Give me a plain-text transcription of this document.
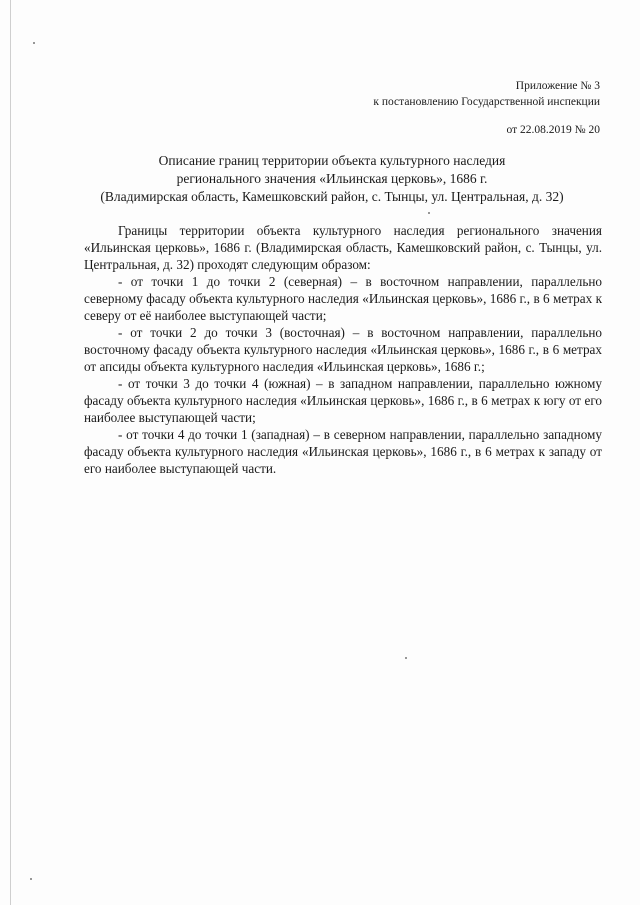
Приложение № 3
к постановлению Государственной инспекции
от 22.08.2019 № 20
Описание границ территории объекта культурного наследия
регионального значения «Ильинская церковь», 1686 г.
(Владимирская область, Камешковский район, с. Тынцы, ул. Центральная, д. 32)

Границы территории объекта культурного наследия регионального значения «Ильинская церковь», 1686 г. (Владимирская область, Камешковский район, с. Тынцы, ул. Центральная, д. 32) проходят следующим образом:

- от точки 1 до точки 2 (северная) – в восточном направлении, параллельно северному фасаду объекта культурного наследия «Ильинская церковь», 1686 г., в 6 метрах к северу от её наиболее выступающей части;

- от точки 2 до точки 3 (восточная) – в восточном направлении, параллельно восточному фасаду объекта культурного наследия «Ильинская церковь», 1686 г., в 6 метрах от апсиды объекта культурного наследия «Ильинская церковь», 1686 г.;

- от точки 3 до точки 4 (южная) – в западном направлении, параллельно южному фасаду объекта культурного наследия «Ильинская церковь», 1686 г., в 6 метрах к югу от его наиболее выступающей части;

- от точки 4 до точки 1 (западная) – в северном направлении, параллельно западному фасаду объекта культурного наследия «Ильинская церковь», 1686 г., в 6 метрах к западу от его наиболее выступающей части.
